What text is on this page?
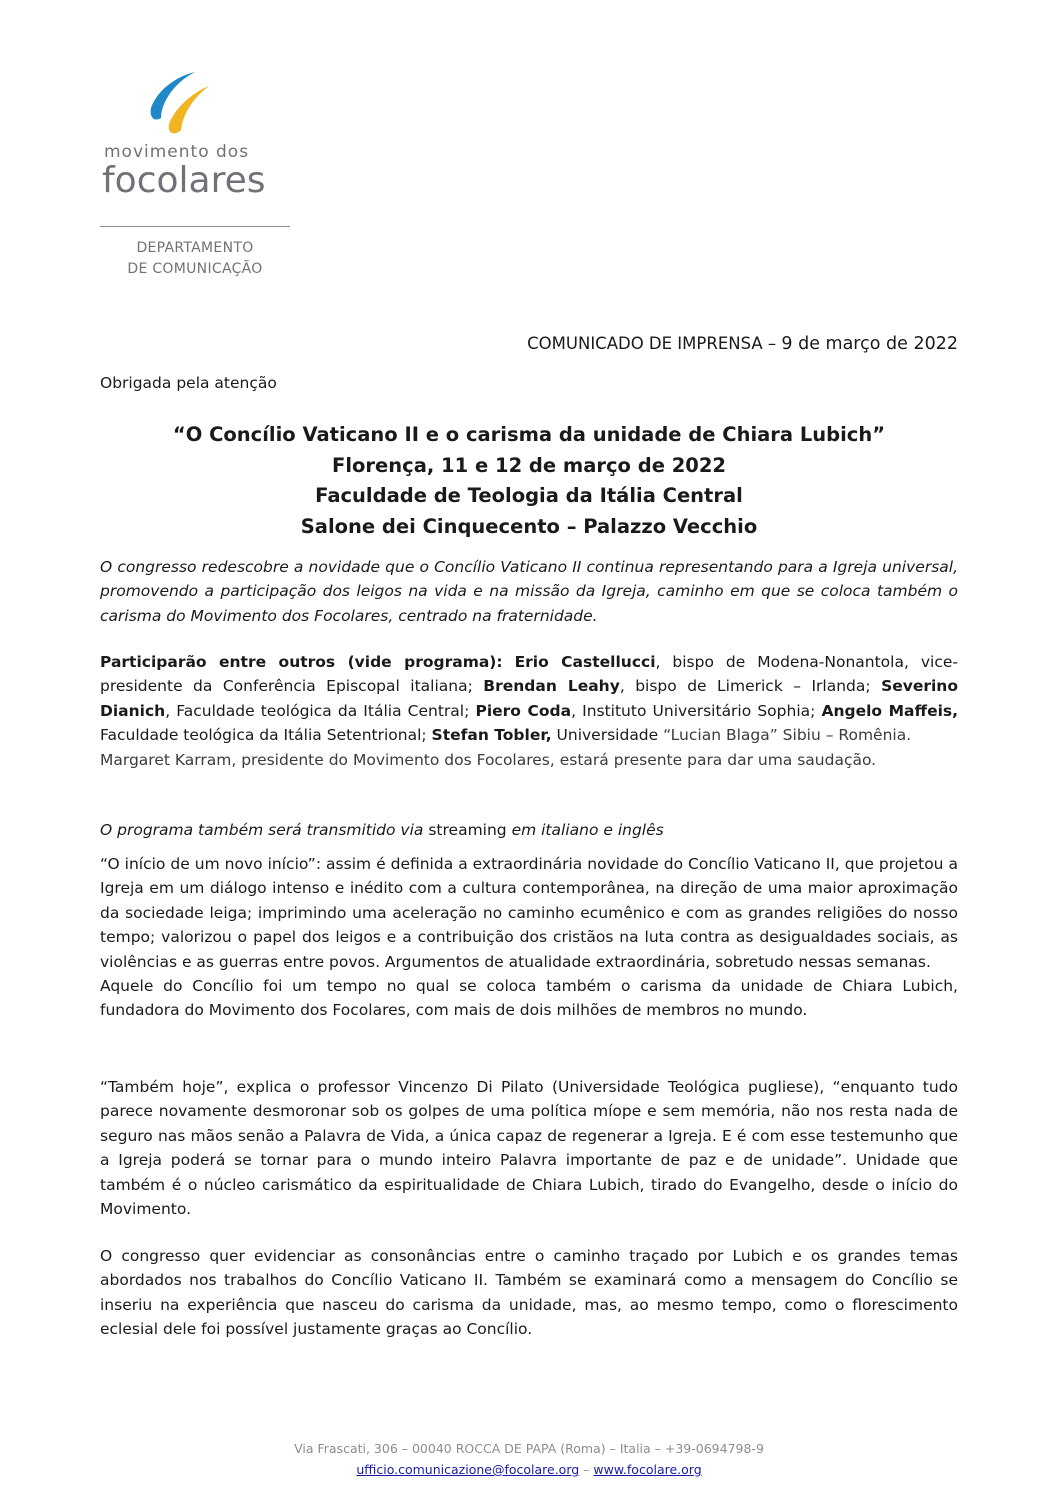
movimento dos
focolares
DEPARTAMENTO
DE COMUNICAÇÃO
COMUNICADO DE IMPRENSA – 9 de março de 2022
Obrigada pela atenção
“O Concílio Vaticano II e o carisma da unidade de Chiara Lubich”
Florença, 11 e 12 de março de 2022
Faculdade de Teologia da Itália Central
Salone dei Cinquecento – Palazzo Vecchio
O congresso redescobre a novidade que o Concílio Vaticano II continua representando para a Igreja universal, promovendo a participação dos leigos na vida e na missão da Igreja, caminho em que se coloca também o carisma do Movimento dos Focolares, centrado na fraternidade.
Participarão entre outros (vide programa): Erio Castellucci, bispo de Modena-Nonantola, vice-presidente da Conferência Episcopal italiana; Brendan Leahy, bispo de Limerick – Irlanda; Severino Dianich, Faculdade teológica da Itália Central; Piero Coda, Instituto Universitário Sophia; Angelo Maffeis, Faculdade teológica da Itália Setentrional; Stefan Tobler, Universidade “Lucian Blaga” Sibiu – Romênia.

Margaret Karram, presidente do Movimento dos Focolares, estará presente para dar uma saudação.

O programa também será transmitido via streaming em italiano e inglês

“O início de um novo início”: assim é definida a extraordinária novidade do Concílio Vaticano II, que projetou a Igreja em um diálogo intenso e inédito com a cultura contemporânea, na direção de uma maior aproximação da sociedade leiga; imprimindo uma aceleração no caminho ecumênico e com as grandes religiões do nosso tempo; valorizou o papel dos leigos e a contribuição dos cristãos na luta contra as desigualdades sociais, as violências e as guerras entre povos. Argumentos de atualidade extraordinária, sobretudo nessas semanas.

Aquele do Concílio foi um tempo no qual se coloca também o carisma da unidade de Chiara Lubich, fundadora do Movimento dos Focolares, com mais de dois milhões de membros no mundo.

“Também hoje”, explica o professor Vincenzo Di Pilato (Universidade Teológica pugliese), “enquanto tudo parece novamente desmoronar sob os golpes de uma política míope e sem memória, não nos resta nada de seguro nas mãos senão a Palavra de Vida, a única capaz de regenerar a Igreja. E é com esse testemunho que a Igreja poderá se tornar para o mundo inteiro Palavra importante de paz e de unidade”. Unidade que também é o núcleo carismático da espiritualidade de Chiara Lubich, tirado do Evangelho, desde o início do Movimento.
O congresso quer evidenciar as consonâncias entre o caminho traçado por Lubich e os grandes temas abordados nos trabalhos do Concílio Vaticano II. Também se examinará como a mensagem do Concílio se inseriu na experiência que nasceu do carisma da unidade, mas, ao mesmo tempo, como o florescimento eclesial dele foi possível justamente graças ao Concílio.
Via Frascati, 306 – 00040 ROCCA DE PAPA (Roma) – Italia – +39-0694798-9
ufficio.comunicazione@focolare.org – www.focolare.org
